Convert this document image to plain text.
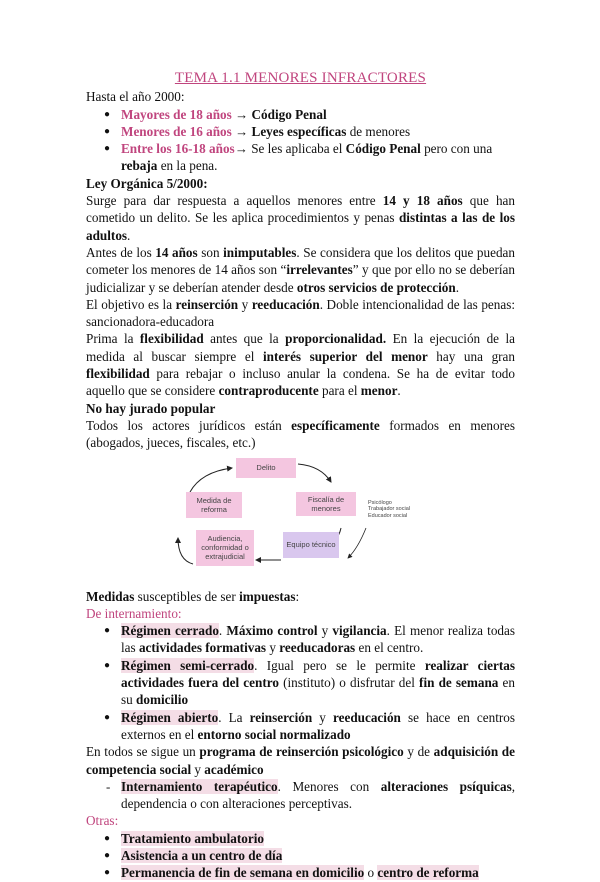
TEMA 1.1 MENORES INFRACTORES

Hasta el año 2000:

● Mayores de 18 años → Código Penal
● Menores de 16 años → Leyes específicas de menores
● Entre los 16-18 años→ Se les aplicaba el Código Penal pero con una rebaja en la pena.

Ley Orgánica 5/2000:

Surge para dar respuesta a aquellos menores entre 14 y 18 años que han cometido un delito. Se les aplica procedimientos y penas distintas a las de los adultos.

Antes de los 14 años son inimputables. Se considera que los delitos que puedan cometer los menores de 14 años son “irrelevantes” y que por ello no se deberían judicializar y se deberían atender desde otros servicios de protección.

El objetivo es la reinserción y reeducación. Doble intencionalidad de las penas: sancionadora-educadora

Prima la flexibilidad antes que la proporcionalidad. En la ejecución de la medida al buscar siempre el interés superior del menor hay una gran flexibilidad para rebajar o incluso anular la condena. Se ha de evitar todo aquello que se considere contraproducente para el menor.

No hay jurado popular

Todos los actores jurídicos están específicamente formados en menores (abogados, jueces, fiscales, etc.)

Delito
Fiscalía de menores
Equipo técnico
Audiencia, conformidad o extrajudicial
Medida de reforma
Psicólogo
Trabajador social
Educador social

Medidas susceptibles de ser impuestas:

De internamiento:

● Régimen cerrado. Máximo control y vigilancia. El menor realiza todas las actividades formativas y reeducadoras en el centro.
● Régimen semi-cerrado. Igual pero se le permite realizar ciertas actividades fuera del centro (instituto) o disfrutar del fin de semana en su domicilio
● Régimen abierto. La reinserción y reeducación se hace en centros externos en el entorno social normalizado

En todos se sigue un programa de reinserción psicológico y de adquisición de competencia social y académico

- Internamiento terapéutico. Menores con alteraciones psíquicas, dependencia o con alteraciones perceptivas.

Otras:

● Tratamiento ambulatorio
● Asistencia a un centro de día
● Permanencia de fin de semana en domicilio o centro de reforma
